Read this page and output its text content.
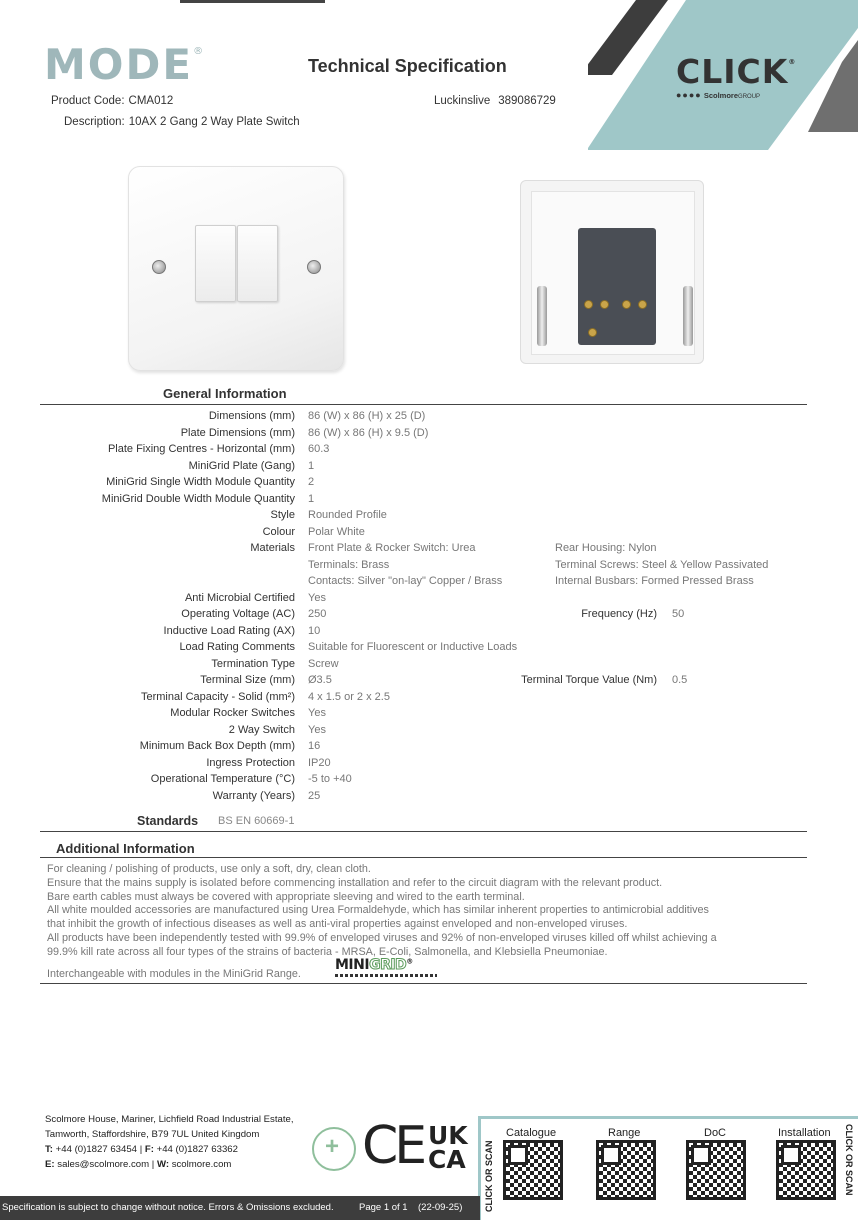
MODE®
Technical Specification
Product Code: CMA012	Luckinslive 389086729
Description: 10AX 2 Gang 2 Way Plate Switch
CLICK®
●●●● ScolmoreGROUP
General Information
Dimensions (mm) 86 (W) x 86 (H) x 25 (D)
Plate Dimensions (mm) 86 (W) x 86 (H) x 9.5 (D)
Plate Fixing Centres - Horizontal (mm) 60.3
MiniGrid Plate (Gang) 1
MiniGrid Single Width Module Quantity 2
MiniGrid Double Width Module Quantity 1
Style Rounded Profile
Colour Polar White
Materials Front Plate & Rocker Switch: Urea	Rear Housing: Nylon
Terminals: Brass	Terminal Screws: Steel & Yellow Passivated
Contacts: Silver "on-lay" Copper / Brass	Internal Busbars: Formed Pressed Brass
Anti Microbial Certified Yes
Operating Voltage (AC) 250	Frequency (Hz) 50
Inductive Load Rating (AX) 10
Load Rating Comments Suitable for Fluorescent or Inductive Loads
Termination Type Screw
Terminal Size (mm) Ø3.5	Terminal Torque Value (Nm) 0.5
Terminal Capacity - Solid (mm²) 4 x 1.5 or 2 x 2.5
Modular Rocker Switches Yes
2 Way Switch Yes
Minimum Back Box Depth (mm) 16
Ingress Protection IP20
Operational Temperature (°C) -5 to +40
Warranty (Years) 25
Standards BS EN 60669-1
Additional Information

For cleaning / polishing of products, use only a soft, dry, clean cloth.

Ensure that the mains supply is isolated before commencing installation and refer to the circuit diagram with the relevant product.

Bare earth cables must always be covered with appropriate sleeving and wired to the earth terminal.

All white moulded accessories are manufactured using Urea Formaldehyde, which has similar inherent properties to antimicrobial additives

that inhibit the growth of infectious diseases as well as anti-viral properties against enveloped and non-enveloped viruses.

All products have been independently tested with 99.9% of enveloped viruses and 92% of non-enveloped viruses killed off whilst achieving a

99.9% kill rate across all four types of the strains of bacteria - MRSA, E-Coli, Salmonella, and Klebsiella Pneumoniae.

Interchangeable with modules in the MiniGrid Range.
MINIGRID®
Scolmore House, Mariner, Lichfield Road Industrial Estate,
Tamworth, Staffordshire, B79 7UL United Kingdom
T: +44 (0)1827 63454 | F: +44 (0)1827 63362
E: sales@scolmore.com | W: scolmore.com
+	CE UK
CA CLICK OR SCAN	CLICK OR SCAN
Catalogue	Range	DoC	Installation
Specification is subject to change without notice. Errors & Omissions excluded.	Page 1 of 1 (22-09-25)
